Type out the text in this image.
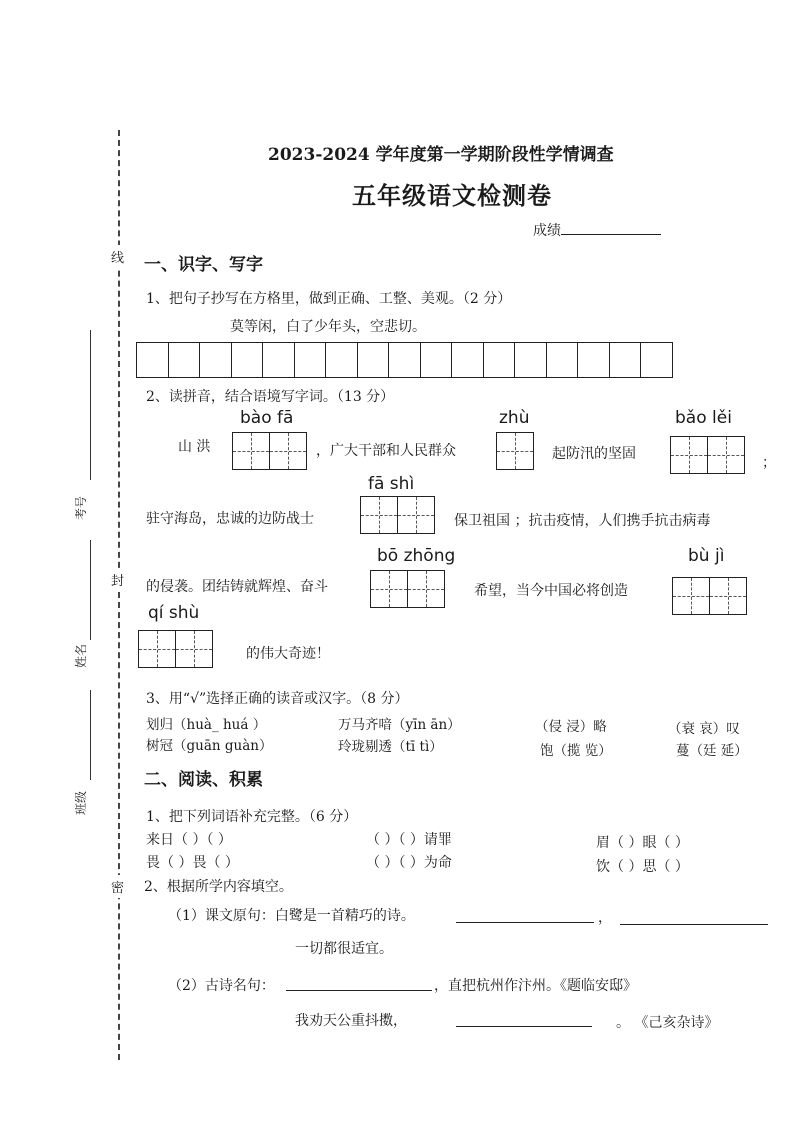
线
封
密
考号
姓名
班级
2023-2024 学年度第一学期阶段性学情调查
五年级语文检测卷
成绩
一、识字、写字
1、把句子抄写在方格里，做到正确、工整、美观。（2 分）
莫等闲，白了少年头，空悲切。
2、读拼音，结合语境写字词。（13 分）
bào fā	zhù	bǎo lěi
山 洪	，广大干部和人民群众	起防汛的坚固
；
fā shì
驻守海岛，忠诚的边防战士	保卫祖国 ；抗击疫情，人们携手抗击病毒
bō zhōng	bù jì
的侵袭。团结铸就辉煌、奋斗	希望，当今中国必将创造
qí shù
的伟大奇迹！
3、用“√”选择正确的读音或汉字。（8 分）
划归（huà_ huá ）	万马齐喑（yīn ān）	（侵 浸）略	（衰 哀）叹
树冠（guān guàn）	玲珑剔透（tī tì）	饱（揽 览）	蔓（廷 延）
二、阅读、积累
1、把下列词语补充完整。（6 分）
来日（ ）（ ）	（ ）（ ）请罪	眉（ ）眼（ ）
畏（ ）畏（ ）	（ ）（ ）为命	饮（ ）思（ ）
2、根据所学内容填空。
（1）课文原句：白鹭是一首精巧的诗。	，
一切都很适宜。
（2）古诗名句：	，直把杭州作汴州。《题临安邸》
我劝天公重抖擞，	。 《己亥杂诗》
